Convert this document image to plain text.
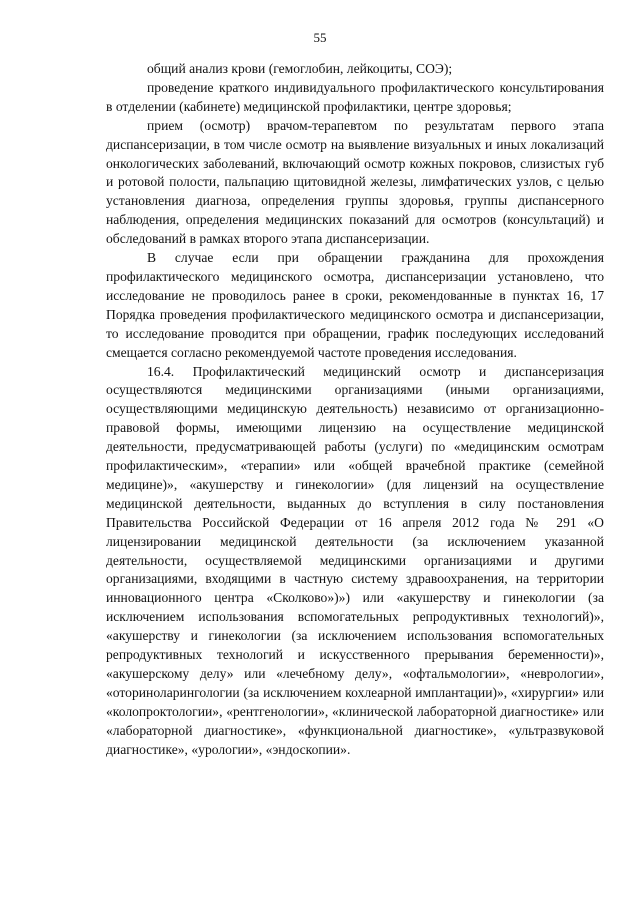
55

общий анализ крови (гемоглобин, лейкоциты, СОЭ);

проведение краткого индивидуального профилактического консультирования в отделении (кабинете) медицинской профилактики, центре здоровья;

прием (осмотр) врачом-терапевтом по результатам первого этапа диспансеризации, в том числе осмотр на выявление визуальных и иных локализаций онкологических заболеваний, включающий осмотр кожных покровов, слизистых губ и ротовой полости, пальпацию щитовидной железы, лимфатических узлов, с целью установления диагноза, определения группы здоровья, группы диспансерного наблюдения, определения медицинских показаний для осмотров (консультаций) и обследований в рамках второго этапа диспансеризации.

В случае если при обращении гражданина для прохождения профилактического медицинского осмотра, диспансеризации установлено, что исследование не проводилось ранее в сроки, рекомендованные в пунктах 16, 17 Порядка проведения профилактического медицинского осмотра и диспансеризации, то исследование проводится при обращении, график последующих исследований смещается согласно рекомендуемой частоте проведения исследования.

16.4. Профилактический медицинский осмотр и диспансеризация осуществляются медицинскими организациями (иными организациями, осуществляющими медицинскую деятельность) независимо от организационно-правовой формы, имеющими лицензию на осуществление медицинской деятельности, предусматривающей работы (услуги) по «медицинским осмотрам профилактическим», «терапии» или «общей врачебной практике (семейной медицине)», «акушерству и гинекологии» (для лицензий на осуществление медицинской деятельности, выданных до вступления в силу постановления Правительства Российской Федерации от 16 апреля 2012 года № 291 «О лицензировании медицинской деятельности (за исключением указанной деятельности, осуществляемой медицинскими организациями и другими организациями, входящими в частную систему здравоохранения, на территории инновационного центра «Сколково»)») или «акушерству и гинекологии (за исключением использования вспомогательных репродуктивных технологий)», «акушерству и гинекологии (за исключением использования вспомогательных репродуктивных технологий и искусственного прерывания беременности)», «акушерскому делу» или «лечебному делу», «офтальмологии», «неврологии», «оториноларингологии (за исключением кохлеарной имплантации)», «хирургии» или «колопроктологии», «рентгенологии», «клинической лабораторной диагностике» или «лабораторной диагностике», «функциональной диагностике», «ультразвуковой диагностике», «урологии», «эндоскопии».
